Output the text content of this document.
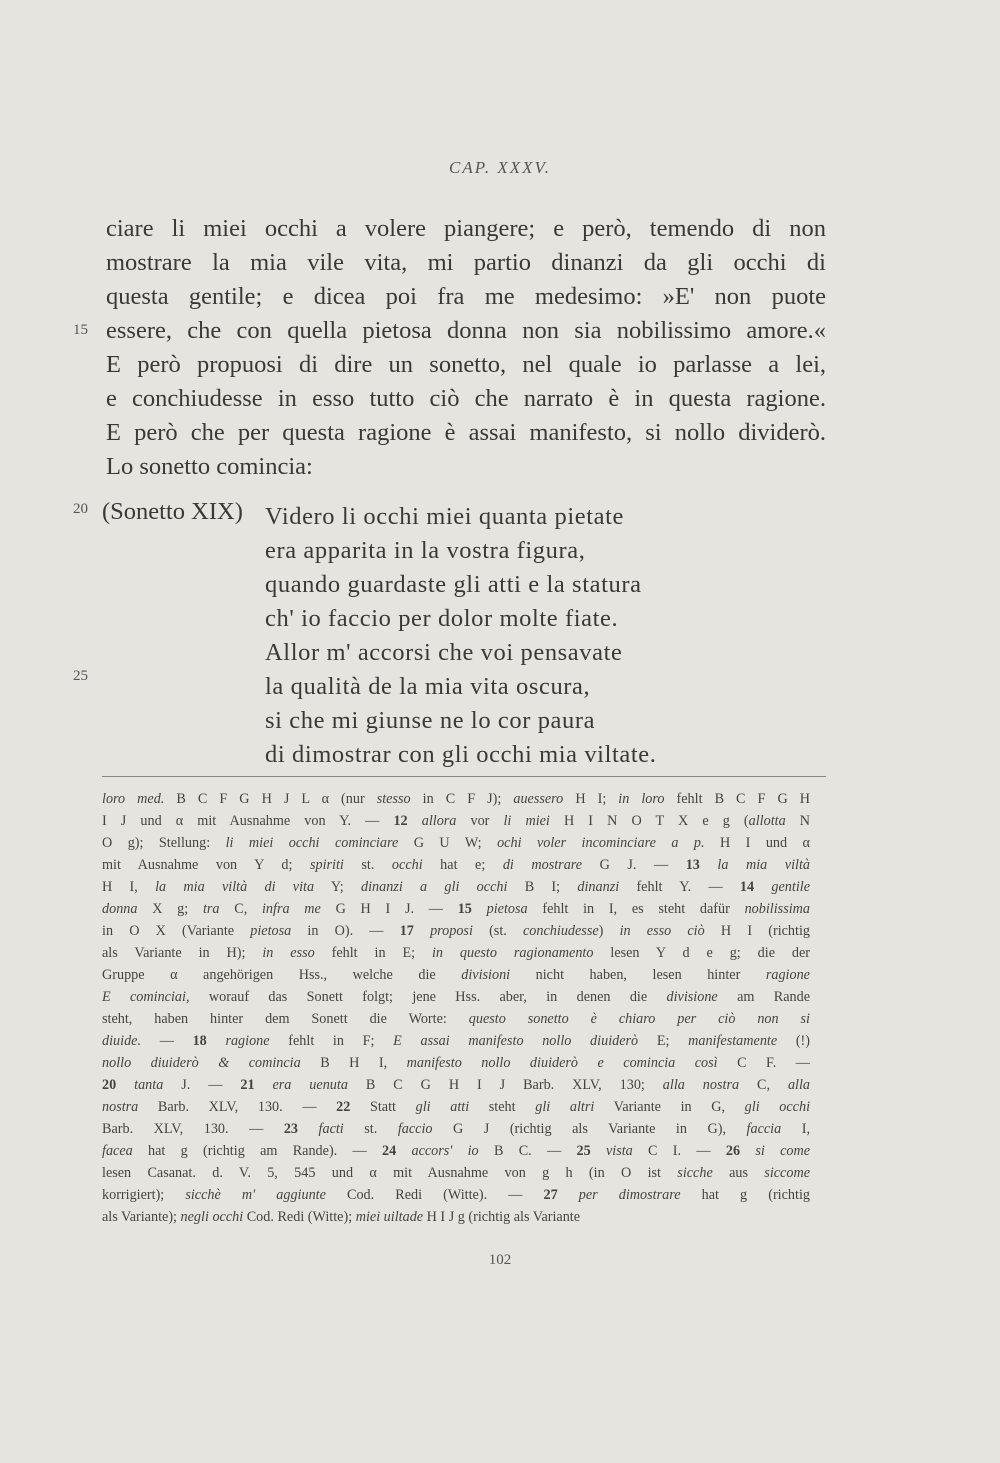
CAP. XXXV.
ciare li miei occhi a volere piangere; e però, temendo di non
mostrare la mia vile vita, mi partio dinanzi da gli occhi di
questa gentile; e dicea poi fra me medesimo: »E' non puote
essere, che con quella pietosa donna non sia nobilissimo amore.«
E però propuosi di dire un sonetto, nel quale io parlasse a lei,
e conchiudesse in esso tutto ciò che narrato è in questa ragione.
E però che per questa ragione è assai manifesto, si nollo dividerò.
Lo sonetto comincia:
15
20
25
(Sonetto XIX) Videro li occhi miei quanta pietate
era apparita in la vostra figura,
quando guardaste gli atti e la statura
ch' io faccio per dolor molte fiate.
Allor m' accorsi che voi pensavate
la qualità de la mia vita oscura,
si che mi giunse ne lo cor paura
di dimostrar con gli occhi mia viltate.
loro med. B C F G H J L α (nur stesso in C F J); auessero H I; in loro fehlt B C F G H
I J und α mit Ausnahme von Y. — 12 allora vor li miei H I N O T X e g (allotta N
O g); Stellung: li miei occhi cominciare G U W; ochi voler incominciare a p. H I und α
mit Ausnahme von Y d; spiriti st. occhi hat e; di mostrare G J. — 13 la mia viltà
H I, la mia viltà di vita Y; dinanzi a gli occhi B I; dinanzi fehlt Y. — 14 gentile
donna X g; tra C, infra me G H I J. — 15 pietosa fehlt in I, es steht dafür nobilissima
in O X (Variante pietosa in O). — 17 proposi (st. conchiudesse) in esso ciò H I (richtig
als Variante in H); in esso fehlt in E; in questo ragionamento lesen Y d e g; die der
Gruppe α angehörigen Hss., welche die divisioni nicht haben, lesen hinter ragione
E cominciai, worauf das Sonett folgt; jene Hss. aber, in denen die divisione am Rande
steht, haben hinter dem Sonett die Worte: questo sonetto è chiaro per ciò non si
diuide. — 18 ragione fehlt in F; E assai manifesto nollo diuiderò E; manifestamente (!)
nollo diuiderò & comincia B H I, manifesto nollo diuiderò e comincia così C F. —
20 tanta J. — 21 era uenuta B C G H I J Barb. XLV, 130; alla nostra C, alla
nostra Barb. XLV, 130. — 22 Statt gli atti steht gli altri Variante in G, gli occhi
Barb. XLV, 130. — 23 facti st. faccio G J (richtig als Variante in G), faccia I,
facea hat g (richtig am Rande). — 24 accors' io B C. — 25 vista C I. — 26 si come
lesen Casanat. d. V. 5, 545 und α mit Ausnahme von g h (in O ist sicche aus siccome
korrigiert); sicchè m' aggiunte Cod. Redi (Witte). — 27 per dimostrare hat g (richtig
als Variante); negli occhi Cod. Redi (Witte); miei uiltade H I J g (richtig als Variante
102
